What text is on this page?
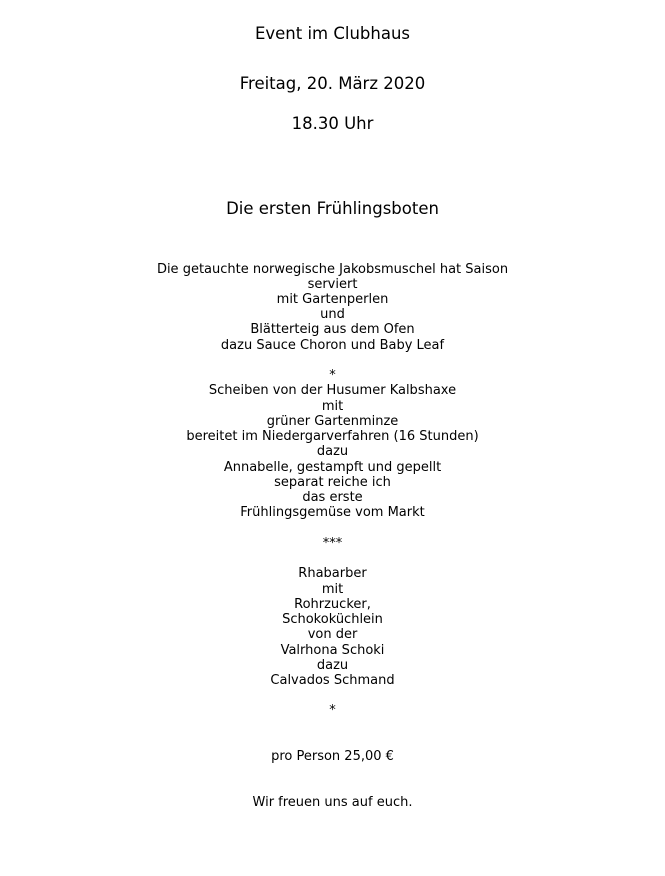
Event im Clubhaus
Freitag, 20. März 2020
18.30 Uhr
Die ersten Frühlingsboten
Die getauchte norwegische Jakobsmuschel hat Saison
serviert
mit Gartenperlen
und
Blätterteig aus dem Ofen
dazu Sauce Choron und Baby Leaf
*
Scheiben von der Husumer Kalbshaxe
mit
grüner Gartenminze
bereitet im Niedergarverfahren (16 Stunden)
dazu
Annabelle, gestampft und gepellt
separat reiche ich
das erste
Frühlingsgemüse vom Markt
***
Rhabarber
mit
Rohrzucker,
Schokoküchlein
von der
Valrhona Schoki
dazu
Calvados Schmand
*
pro Person 25,00 €
Wir freuen uns auf euch.
